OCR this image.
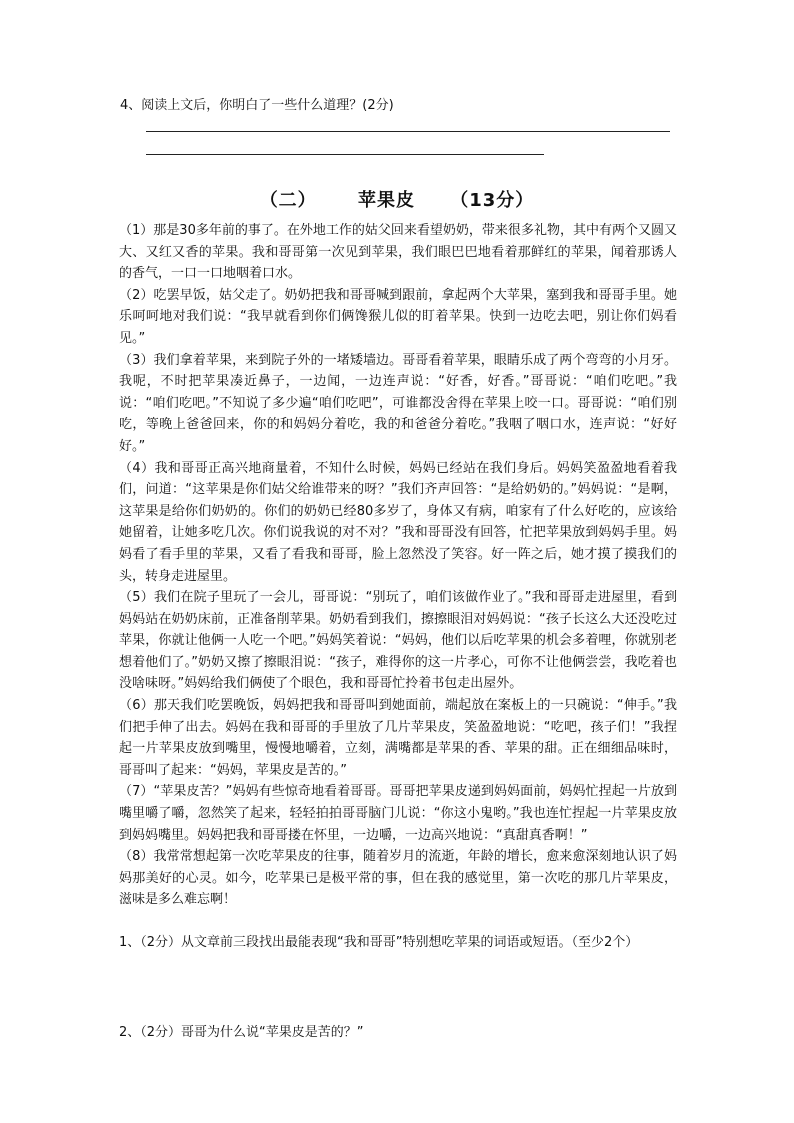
4、阅读上文后，你明白了一些什么道理？(2分)
（二） 苹果皮 （13分）

（1）那是30多年前的事了。在外地工作的姑父回来看望奶奶，带来很多礼物，其中有两个又圆又大、又红又香的苹果。我和哥哥第一次见到苹果，我们眼巴巴地看着那鲜红的苹果，闻着那诱人的香气，一口一口地咽着口水。

（2）吃罢早饭，姑父走了。奶奶把我和哥哥喊到跟前，拿起两个大苹果，塞到我和哥哥手里。她乐呵呵地对我们说：“我早就看到你们俩馋猴儿似的盯着苹果。快到一边吃去吧，别让你们妈看见。”

（3）我们拿着苹果，来到院子外的一堵矮墙边。哥哥看着苹果，眼睛乐成了两个弯弯的小月牙。我呢，不时把苹果凑近鼻子，一边闻，一边连声说：“好香，好香。”哥哥说：“咱们吃吧。”我说：“咱们吃吧。”不知说了多少遍“咱们吃吧”，可谁都没舍得在苹果上咬一口。哥哥说：“咱们别吃，等晚上爸爸回来，你的和妈妈分着吃，我的和爸爸分着吃。”我咽了咽口水，连声说：“好好好。”

（4）我和哥哥正高兴地商量着，不知什么时候，妈妈已经站在我们身后。妈妈笑盈盈地看着我们，问道：“这苹果是你们姑父给谁带来的呀？”我们齐声回答：“是给奶奶的。”妈妈说：“是啊，这苹果是给你们奶奶的。你们的奶奶已经80多岁了，身体又有病，咱家有了什么好吃的，应该给她留着，让她多吃几次。你们说我说的对不对？”我和哥哥没有回答，忙把苹果放到妈妈手里。妈妈看了看手里的苹果，又看了看我和哥哥，脸上忽然没了笑容。好一阵之后，她才摸了摸我们的头，转身走进屋里。

（5）我们在院子里玩了一会儿，哥哥说：“别玩了，咱们该做作业了。”我和哥哥走进屋里，看到妈妈站在奶奶床前，正准备削苹果。奶奶看到我们，擦擦眼泪对妈妈说：“孩子长这么大还没吃过苹果，你就让他俩一人吃一个吧。”妈妈笑着说：“妈妈，他们以后吃苹果的机会多着哩，你就别老想着他们了。”奶奶又擦了擦眼泪说：“孩子，难得你的这一片孝心，可你不让他俩尝尝，我吃着也没啥味呀。”妈妈给我们俩使了个眼色，我和哥哥忙拎着书包走出屋外。

（6）那天我们吃罢晚饭，妈妈把我和哥哥叫到她面前，端起放在案板上的一只碗说：“伸手。”我们把手伸了出去。妈妈在我和哥哥的手里放了几片苹果皮，笑盈盈地说：“吃吧，孩子们！”我捏起一片苹果皮放到嘴里，慢慢地嚼着，立刻，满嘴都是苹果的香、苹果的甜。正在细细品味时，哥哥叫了起来：“妈妈，苹果皮是苦的。”

（7）“苹果皮苦？”妈妈有些惊奇地看着哥哥。哥哥把苹果皮递到妈妈面前，妈妈忙捏起一片放到嘴里嚼了嚼，忽然笑了起来，轻轻拍拍哥哥脑门儿说：“你这小鬼哟。”我也连忙捏起一片苹果皮放到妈妈嘴里。妈妈把我和哥哥搂在怀里，一边嚼，一边高兴地说：“真甜真香啊！”

（8）我常常想起第一次吃苹果皮的往事，随着岁月的流逝，年龄的增长，愈来愈深刻地认识了妈妈那美好的心灵。如今，吃苹果已是极平常的事，但在我的感觉里，第一次吃的那几片苹果皮，滋味是多么难忘啊！

1、（2分）从文章前三段找出最能表现“我和哥哥”特别想吃苹果的词语或短语。（至少2个）
2、（2分）哥哥为什么说“苹果皮是苦的？”
